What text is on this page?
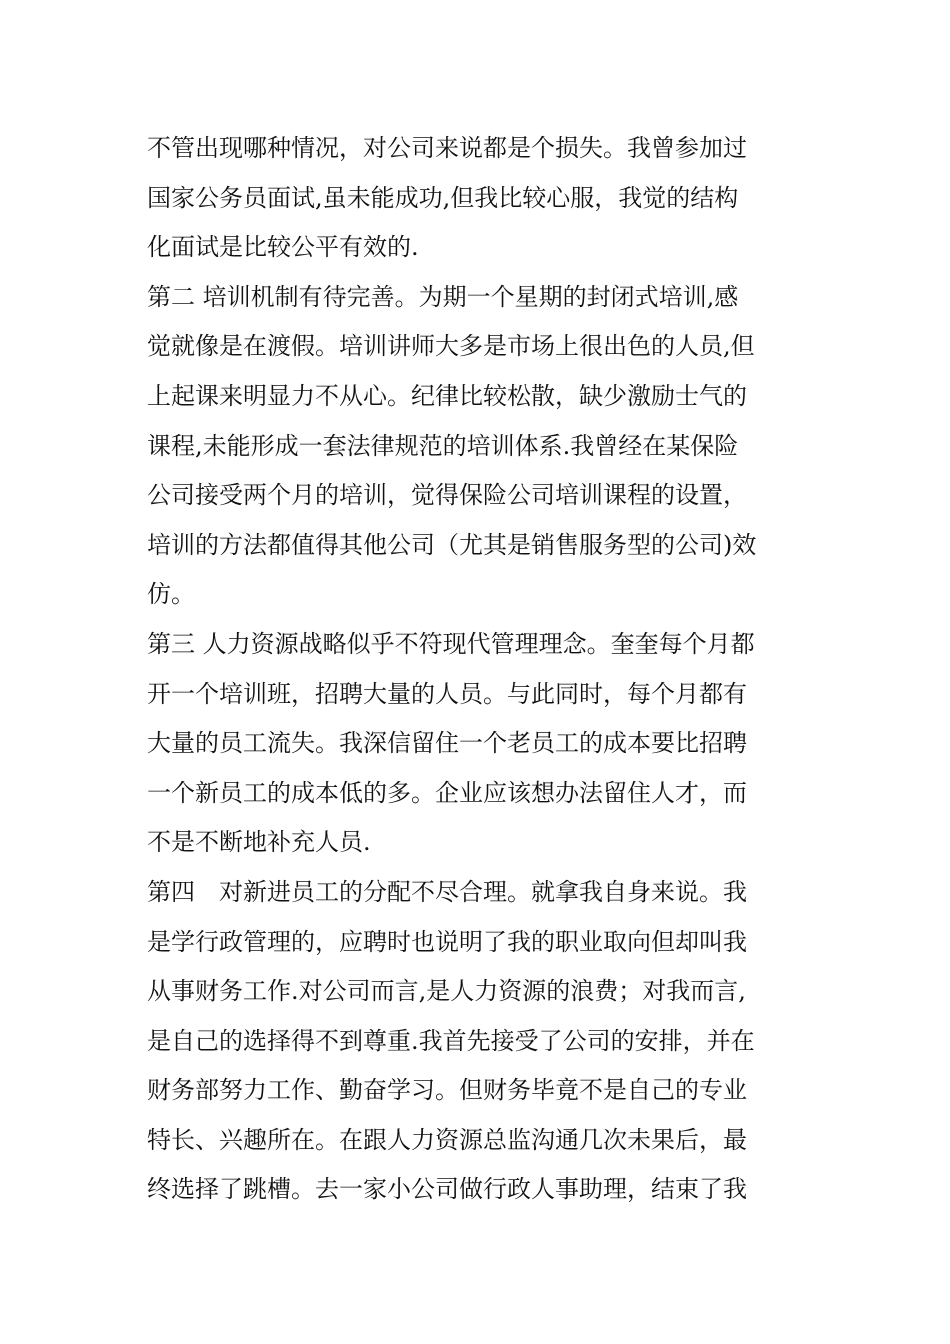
不管出现哪种情况，对公司来说都是个损失。我曾参加过
国家公务员面试,虽未能成功,但我比较心服，我觉的结构
化面试是比较公平有效的.
第二 培训机制有待完善。为期一个星期的封闭式培训,感
觉就像是在渡假。培训讲师大多是市场上很出色的人员,但
上起课来明显力不从心。纪律比较松散，缺少激励士气的
课程,未能形成一套法律规范的培训体系.我曾经在某保险
公司接受两个月的培训，觉得保险公司培训课程的设置，
培训的方法都值得其他公司（尤其是销售服务型的公司)效
仿。
第三 人力资源战略似乎不符现代管理理念。奎奎每个月都
开一个培训班，招聘大量的人员。与此同时，每个月都有
大量的员工流失。我深信留住一个老员工的成本要比招聘
一个新员工的成本低的多。企业应该想办法留住人才，而
不是不断地补充人员.
第四　对新进员工的分配不尽合理。就拿我自身来说。我
是学行政管理的，应聘时也说明了我的职业取向但却叫我
从事财务工作.对公司而言,是人力资源的浪费；对我而言,
是自己的选择得不到尊重.我首先接受了公司的安排，并在
财务部努力工作、勤奋学习。但财务毕竟不是自己的专业
特长、兴趣所在。在跟人力资源总监沟通几次未果后，最
终选择了跳槽。去一家小公司做行政人事助理，结束了我
